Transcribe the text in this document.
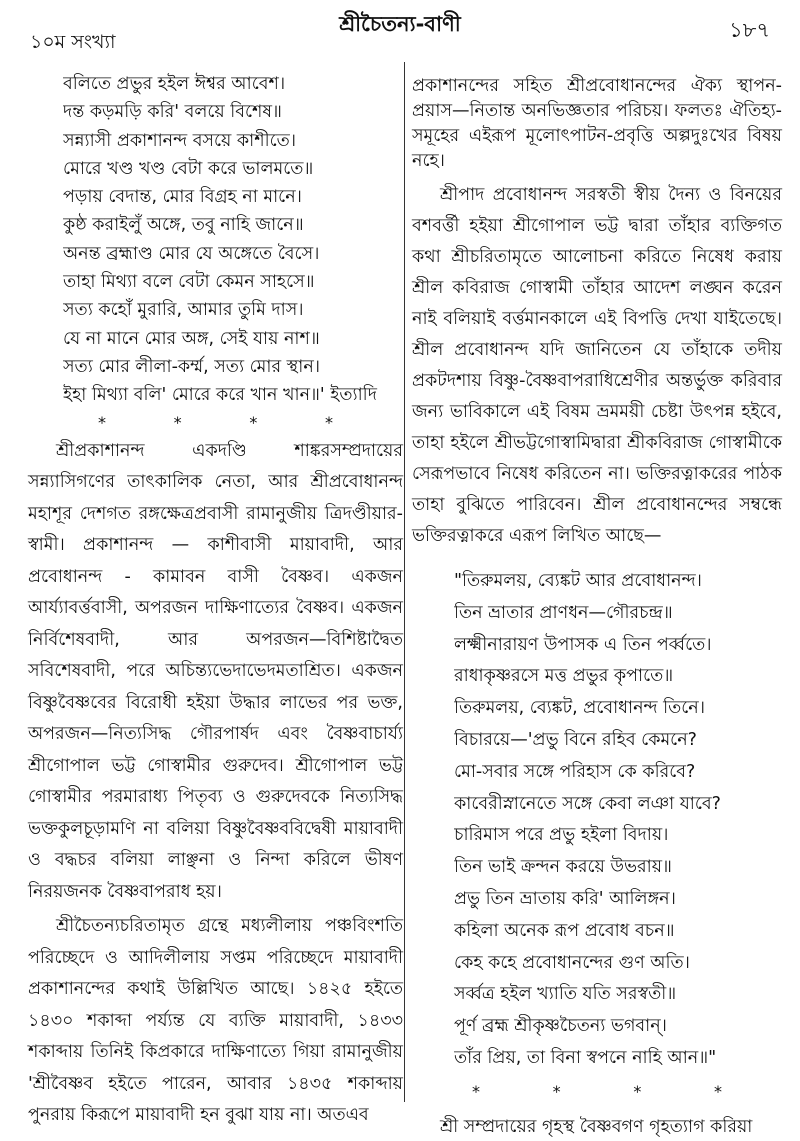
১০ম সংখ্যা
শ্রীচৈতন্য-বাণী	১৮৭
বলিতে প্রভুর হইল ঈশ্বর আবেশ।
দন্ত কড়মড়ি করি' বলয়ে বিশেষ॥
সন্ন্যাসী প্রকাশানন্দ বসয়ে কাশীতে।
মোরে খণ্ড খণ্ড বেটা করে ভালমতে॥
পড়ায় বেদান্ত, মোর বিগ্রহ না মানে।
কুষ্ঠ করাইলুঁ অঙ্গে, তবু নাহি জানে॥
অনন্ত ব্রহ্মাণ্ড মোর যে অঙ্গেতে বৈসে।
তাহা মিথ্যা বলে বেটা কেমন সাহসে॥
সত্য কহোঁ মুরারি, আমার তুমি দাস।
যে না মানে মোর অঙ্গ, সেই যায় নাশ॥
সত্য মোর লীলা-কর্ম্ম, সত্য মোর স্থান।
ইহা মিথ্যা বলি' মোরে করে খান খান॥' ইত্যাদি
*	*	*	*

শ্রীপ্রকাশানন্দ একদণ্ডি শাঙ্করসম্প্রদায়ের সন্ন্যাসিগণের তাৎকালিক নেতা, আর শ্রীপ্রবোধানন্দ মহাশূর দেশগত রঙ্গক্ষেত্রপ্রবাসী রামানুজীয় ত্রিদণ্ডীয়ার-স্বামী। প্রকাশানন্দ — কাশীবাসী মায়াবাদী, আর প্রবোধানন্দ - কামাবন বাসী বৈষ্ণব। একজন আর্য্যাবর্ত্তবাসী, অপরজন দাক্ষিণাত্যের বৈষ্ণব। একজন নির্বিশেষবাদী, আর অপরজন—বিশিষ্টাদ্বৈত সবিশেষবাদী, পরে অচিন্ত্যভেদাভেদমতাশ্রিত। একজন বিষ্ণুবৈষ্ণবের বিরোধী হইয়া উদ্ধার লাভের পর ভক্ত, অপরজন—নিত্যসিদ্ধ গৌরপার্ষদ এবং বৈষ্ণবাচার্য্য শ্রীগোপাল ভট্ট গোস্বামীর গুরুদেব। শ্রীগোপাল ভট্ট গোস্বামীর পরমারাধ্য পিতৃব্য ও গুরুদেবকে নিত্যসিদ্ধ ভক্তকুলচূড়ামণি না বলিয়া বিষ্ণুবৈষ্ণববিদ্বেষী মায়াবাদী ও বদ্ধচর বলিয়া লাঞ্ছনা ও নিন্দা করিলে ভীষণ নিরয়জনক বৈষ্ণবাপরাধ হয়।

শ্রীচৈতন্যচরিতামৃত গ্রন্থে মধ্যলীলায় পঞ্চবিংশতি পরিচ্ছেদে ও আদিলীলায় সপ্তম পরিচ্ছেদে মায়াবাদী প্রকাশানন্দের কথাই উল্লিখিত আছে। ১৪২৫ হইতে ১৪৩০ শকাব্দা পর্য্যন্ত যে ব্যক্তি মায়াবাদী, ১৪৩৩ শকাব্দায় তিনিই কিপ্রকারে দাক্ষিণাত্যে গিয়া রামানুজীয় 'শ্রীবৈষ্ণব হইতে পারেন, আবার ১৪৩৫ শকাব্দায় পুনরায় কিরূপে মায়াবাদী হন বুঝা যায় না। অতএব

প্রকাশানন্দের সহিত শ্রীপ্রবোধানন্দের ঐক্য স্থাপন-প্রয়াস—নিতান্ত অনভিজ্ঞতার পরিচয়। ফলতঃ ঐতিহ্য-সমূহের এইরূপ মূলোৎপাটন-প্রবৃত্তি অল্পদুঃখের বিষয় নহে।

শ্রীপাদ প্রবোধানন্দ সরস্বতী স্বীয় দৈন্য ও বিনয়ের বশবর্ত্তী হইয়া শ্রীগোপাল ভট্ট দ্বারা তাঁহার ব্যক্তিগত কথা শ্রীচরিতামৃতে আলোচনা করিতে নিষেধ করায় শ্রীল কবিরাজ গোস্বামী তাঁহার আদেশ লঙ্ঘন করেন নাই বলিয়াই বর্ত্তমানকালে এই বিপত্তি দেখা যাইতেছে। শ্রীল প্রবোধানন্দ যদি জানিতেন যে তাঁহাকে তদীয় প্রকটদশায় বিষ্ণু-বৈষ্ণবাপরাধিশ্রেণীর অন্তর্ভুক্ত করিবার জন্য ভাবিকালে এই বিষম ভ্রমময়ী চেষ্টা উৎপন্ন হইবে, তাহা হইলে শ্রীভট্টগোস্বামিদ্বারা শ্রীকবিরাজ গোস্বামীকে সেরূপভাবে নিষেধ করিতেন না। ভক্তিরত্নাকরের পাঠক তাহা বুঝিতে পারিবেন। শ্রীল প্রবোধানন্দের সম্বন্ধে ভক্তিরত্নাকরে এরূপ লিখিত আছে—

"তিরুমলয়, ব্যেঙ্কট আর প্রবোধানন্দ।
তিন ভ্রাতার প্রাণধন—গৌরচন্দ্র॥
লক্ষ্মীনারায়ণ উপাসক এ তিন পর্ব্বতে।
রাধাকৃষ্ণরসে মত্ত প্রভুর কৃপাতে॥
তিরুমলয়, ব্যেঙ্কট, প্রবোধানন্দ তিনে।
বিচারয়ে—'প্রভু বিনে রহিব কেমনে?
মো-সবার সঙ্গে পরিহাস কে করিবে?
কাবেরীস্নানেতে সঙ্গে কেবা লঞা যাবে?
চারিমাস পরে প্রভু হইলা বিদায়।
তিন ভাই ক্রন্দন করয়ে উভরায়॥
প্রভু তিন ভ্রাতায় করি' আলিঙ্গন।
কহিলা অনেক রূপ প্রবোধ বচন॥
কেহ কহে প্রবোধানন্দের গুণ অতি।
সর্ব্বত্র হইল খ্যাতি যতি সরস্বতী॥
পূর্ণ ব্রহ্ম শ্রীকৃষ্ণচৈতন্য ভগবান্।
তাঁর প্রিয়, তা বিনা স্বপনে নাহি আন॥"
*	*	*	*
শ্রী সম্প্রদায়ের গৃহস্থ বৈষ্ণবগণ গৃহত্যাগ করিয়া
